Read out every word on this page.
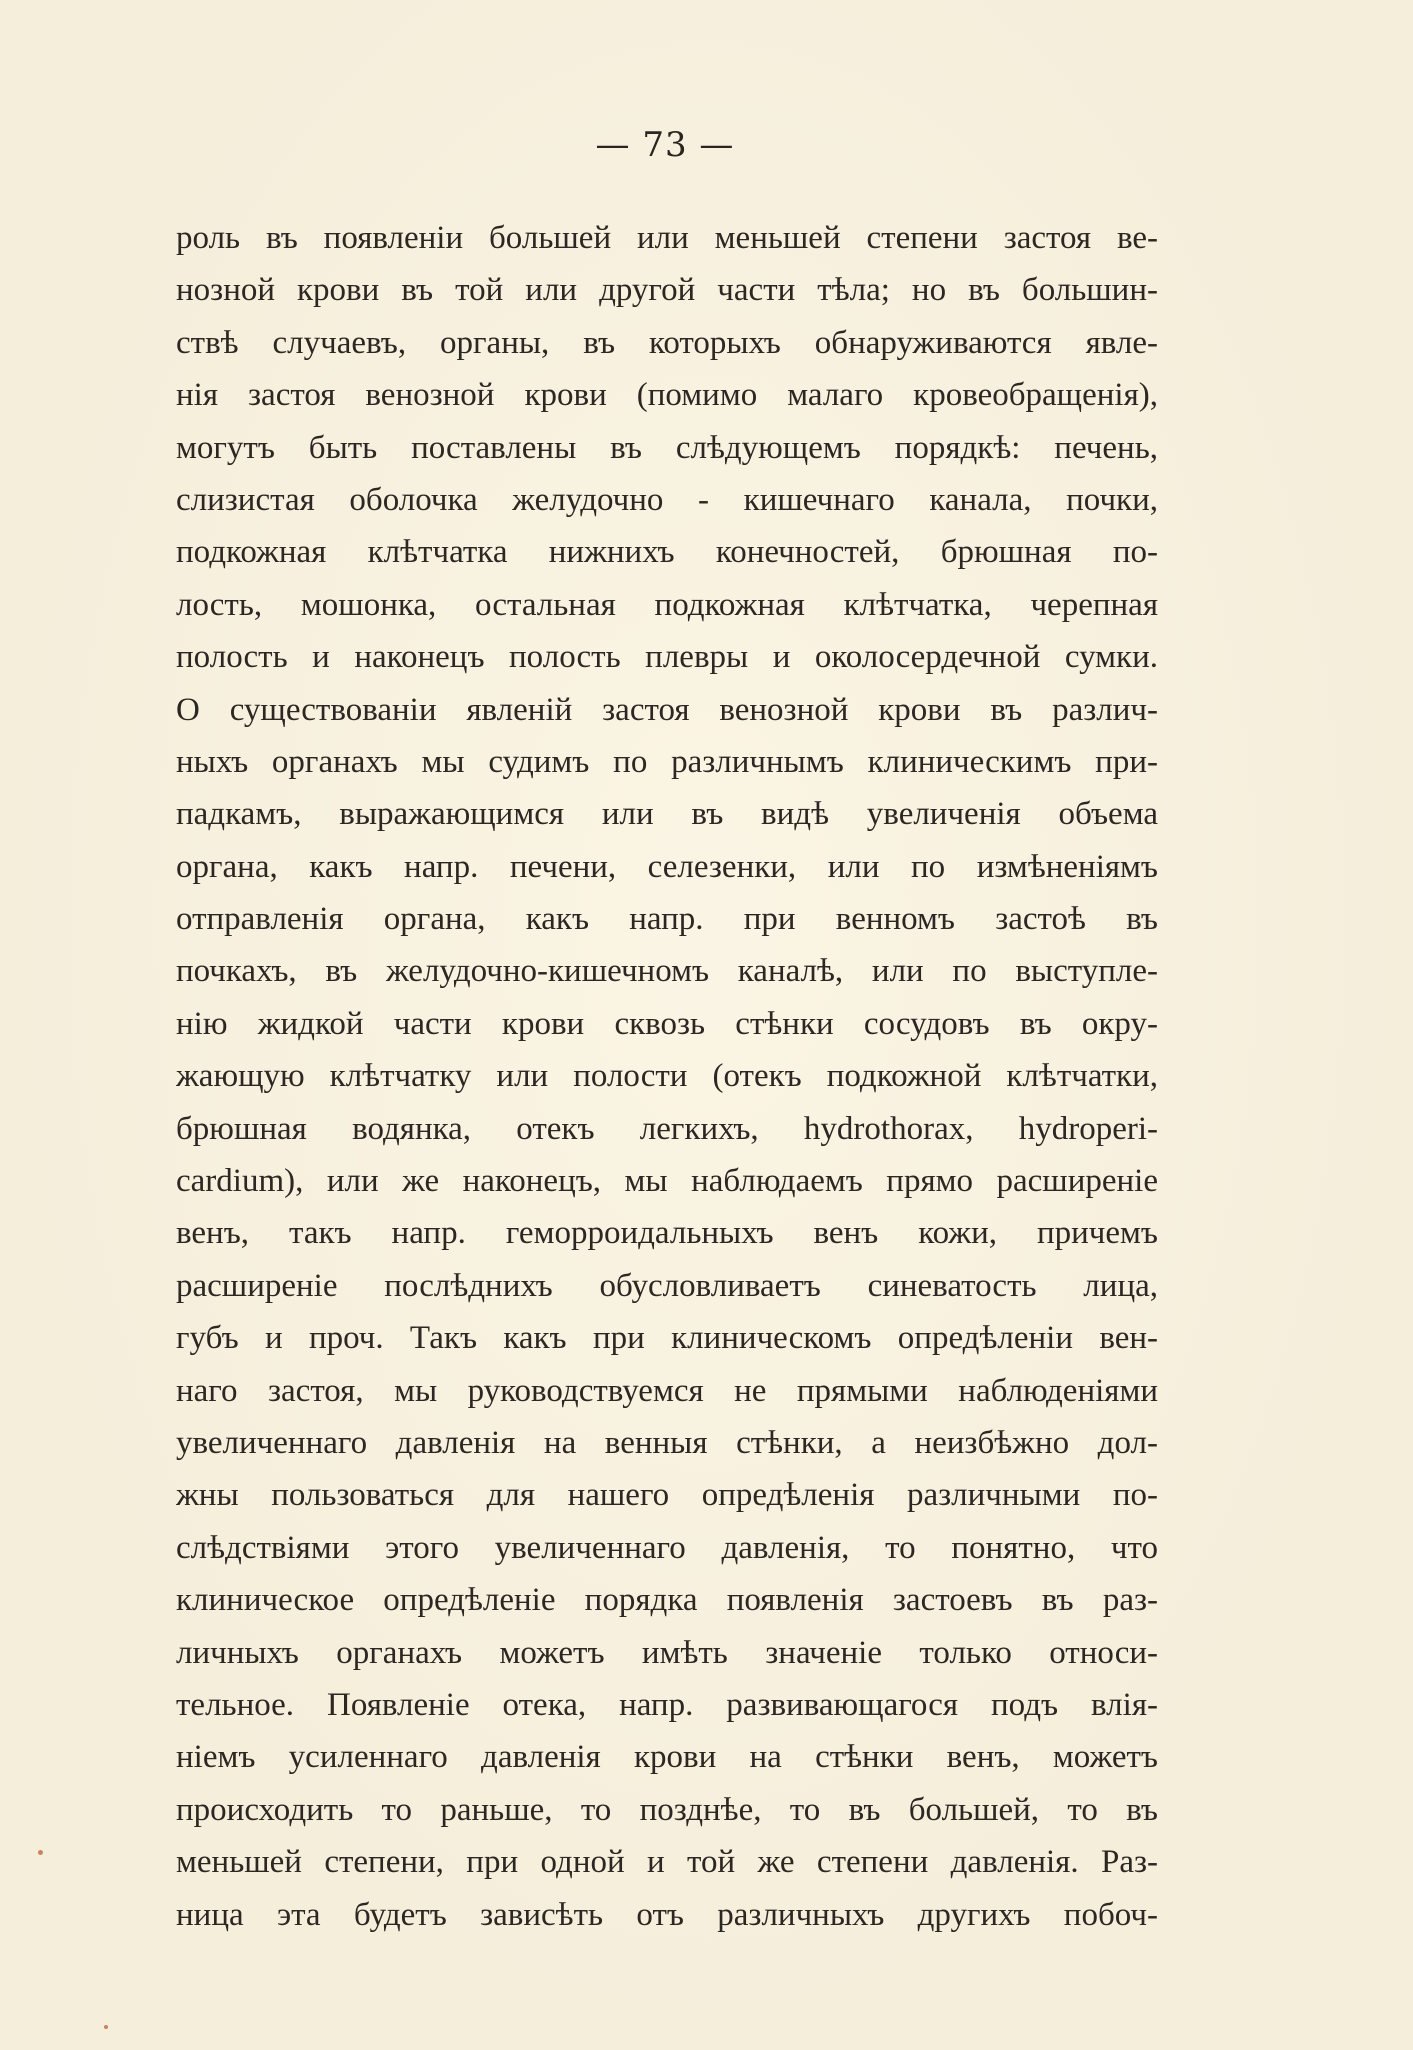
— 73 —
роль въ появленіи большей или меньшей степени застоя ве-
нозной крови въ той или другой части тѣла; но въ большин-
ствѣ случаевъ, органы, въ которыхъ обнаруживаются явле-
нія застоя венозной крови (помимо малаго кровеобращенія),
могутъ быть поставлены въ слѣдующемъ порядкѣ: печень,
слизистая оболочка желудочно - кишечнаго канала, почки,
подкожная клѣтчатка нижнихъ конечностей, брюшная по-
лость, мошонка, остальная подкожная клѣтчатка, черепная
полость и наконецъ полость плевры и околосердечной сумки.
О существованіи явленій застоя венозной крови въ различ-
ныхъ органахъ мы судимъ по различнымъ клиническимъ при-
падкамъ, выражающимся или въ видѣ увеличенія объема
органа, какъ напр. печени, селезенки, или по измѣненіямъ
отправленія органа, какъ напр. при венномъ застоѣ въ
почкахъ, въ желудочно-кишечномъ каналѣ, или по выступле-
нію жидкой части крови сквозь стѣнки сосудовъ въ окру-
жающую клѣтчатку или полости (отекъ подкожной клѣтчатки,
брюшная водянка, отекъ легкихъ, hydrothorax, hydroperi-
cardium), или же наконецъ, мы наблюдаемъ прямо расширеніе
венъ, такъ напр. геморроидальныхъ венъ кожи, причемъ
расширеніе послѣднихъ обусловливаетъ синеватость лица,
губъ и проч. Такъ какъ при клиническомъ опредѣленіи вен-
наго застоя, мы руководствуемся не прямыми наблюденіями
увеличеннаго давленія на венныя стѣнки, а неизбѣжно дол-
жны пользоваться для нашего опредѣленія различными по-
слѣдствіями этого увеличеннаго давленія, то понятно, что
клиническое опредѣленіе порядка появленія застоевъ въ раз-
личныхъ органахъ можетъ имѣть значеніе только относи-
тельное. Появленіе отека, напр. развивающагося подъ влія-
ніемъ усиленнаго давленія крови на стѣнки венъ, можетъ
происходить то раньше, то позднѣе, то въ большей, то въ
меньшей степени, при одной и той же степени давленія. Раз-
ница эта будетъ зависѣть отъ различныхъ другихъ побоч-
